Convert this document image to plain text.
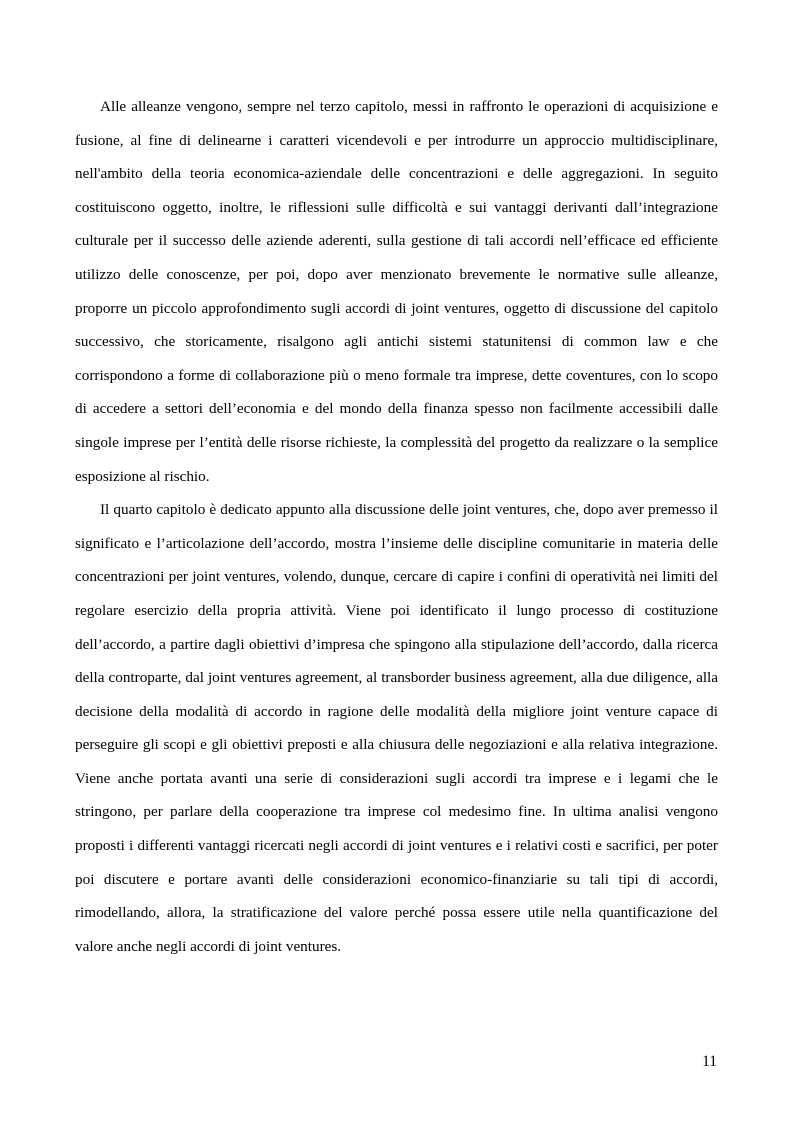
Alle alleanze vengono, sempre nel terzo capitolo, messi in raffronto le operazioni di acquisizione e fusione, al fine di delinearne i caratteri vicendevoli e per introdurre un approccio multidisciplinare, nell'ambito della teoria economica-aziendale delle concentrazioni e delle aggregazioni. In seguito costituiscono oggetto, inoltre, le riflessioni sulle difficoltà e sui vantaggi derivanti dall’integrazione culturale per il successo delle aziende aderenti, sulla gestione di tali accordi nell’efficace ed efficiente utilizzo delle conoscenze, per poi, dopo aver menzionato brevemente le normative sulle alleanze, proporre un piccolo approfondimento sugli accordi di joint ventures, oggetto di discussione del capitolo successivo, che storicamente, risalgono agli antichi sistemi statunitensi di common law e che corrispondono a forme di collaborazione più o meno formale tra imprese, dette coventures, con lo scopo di accedere a settori dell’economia e del mondo della finanza spesso non facilmente accessibili dalle singole imprese per l’entità delle risorse richieste, la complessità del progetto da realizzare o la semplice esposizione al rischio.

Il quarto capitolo è dedicato appunto alla discussione delle joint ventures, che, dopo aver premesso il significato e l’articolazione dell’accordo, mostra l’insieme delle discipline comunitarie in materia delle concentrazioni per joint ventures, volendo, dunque, cercare di capire i confini di operatività nei limiti del regolare esercizio della propria attività. Viene poi identificato il lungo processo di costituzione dell’accordo, a partire dagli obiettivi d’impresa che spingono alla stipulazione dell’accordo, dalla ricerca della controparte, dal joint ventures agreement, al transborder business agreement, alla due diligence, alla decisione della modalità di accordo in ragione delle modalità della migliore joint venture capace di perseguire gli scopi e gli obiettivi preposti e alla chiusura delle negoziazioni e alla relativa integrazione. Viene anche portata avanti una serie di considerazioni sugli accordi tra imprese e i legami che le stringono, per parlare della cooperazione tra imprese col medesimo fine. In ultima analisi vengono proposti i differenti vantaggi ricercati negli accordi di joint ventures e i relativi costi e sacrifici, per poter poi discutere e portare avanti delle considerazioni economico-finanziarie su tali tipi di accordi, rimodellando, allora, la stratificazione del valore perché possa essere utile nella quantificazione del valore anche negli accordi di joint ventures.

11
